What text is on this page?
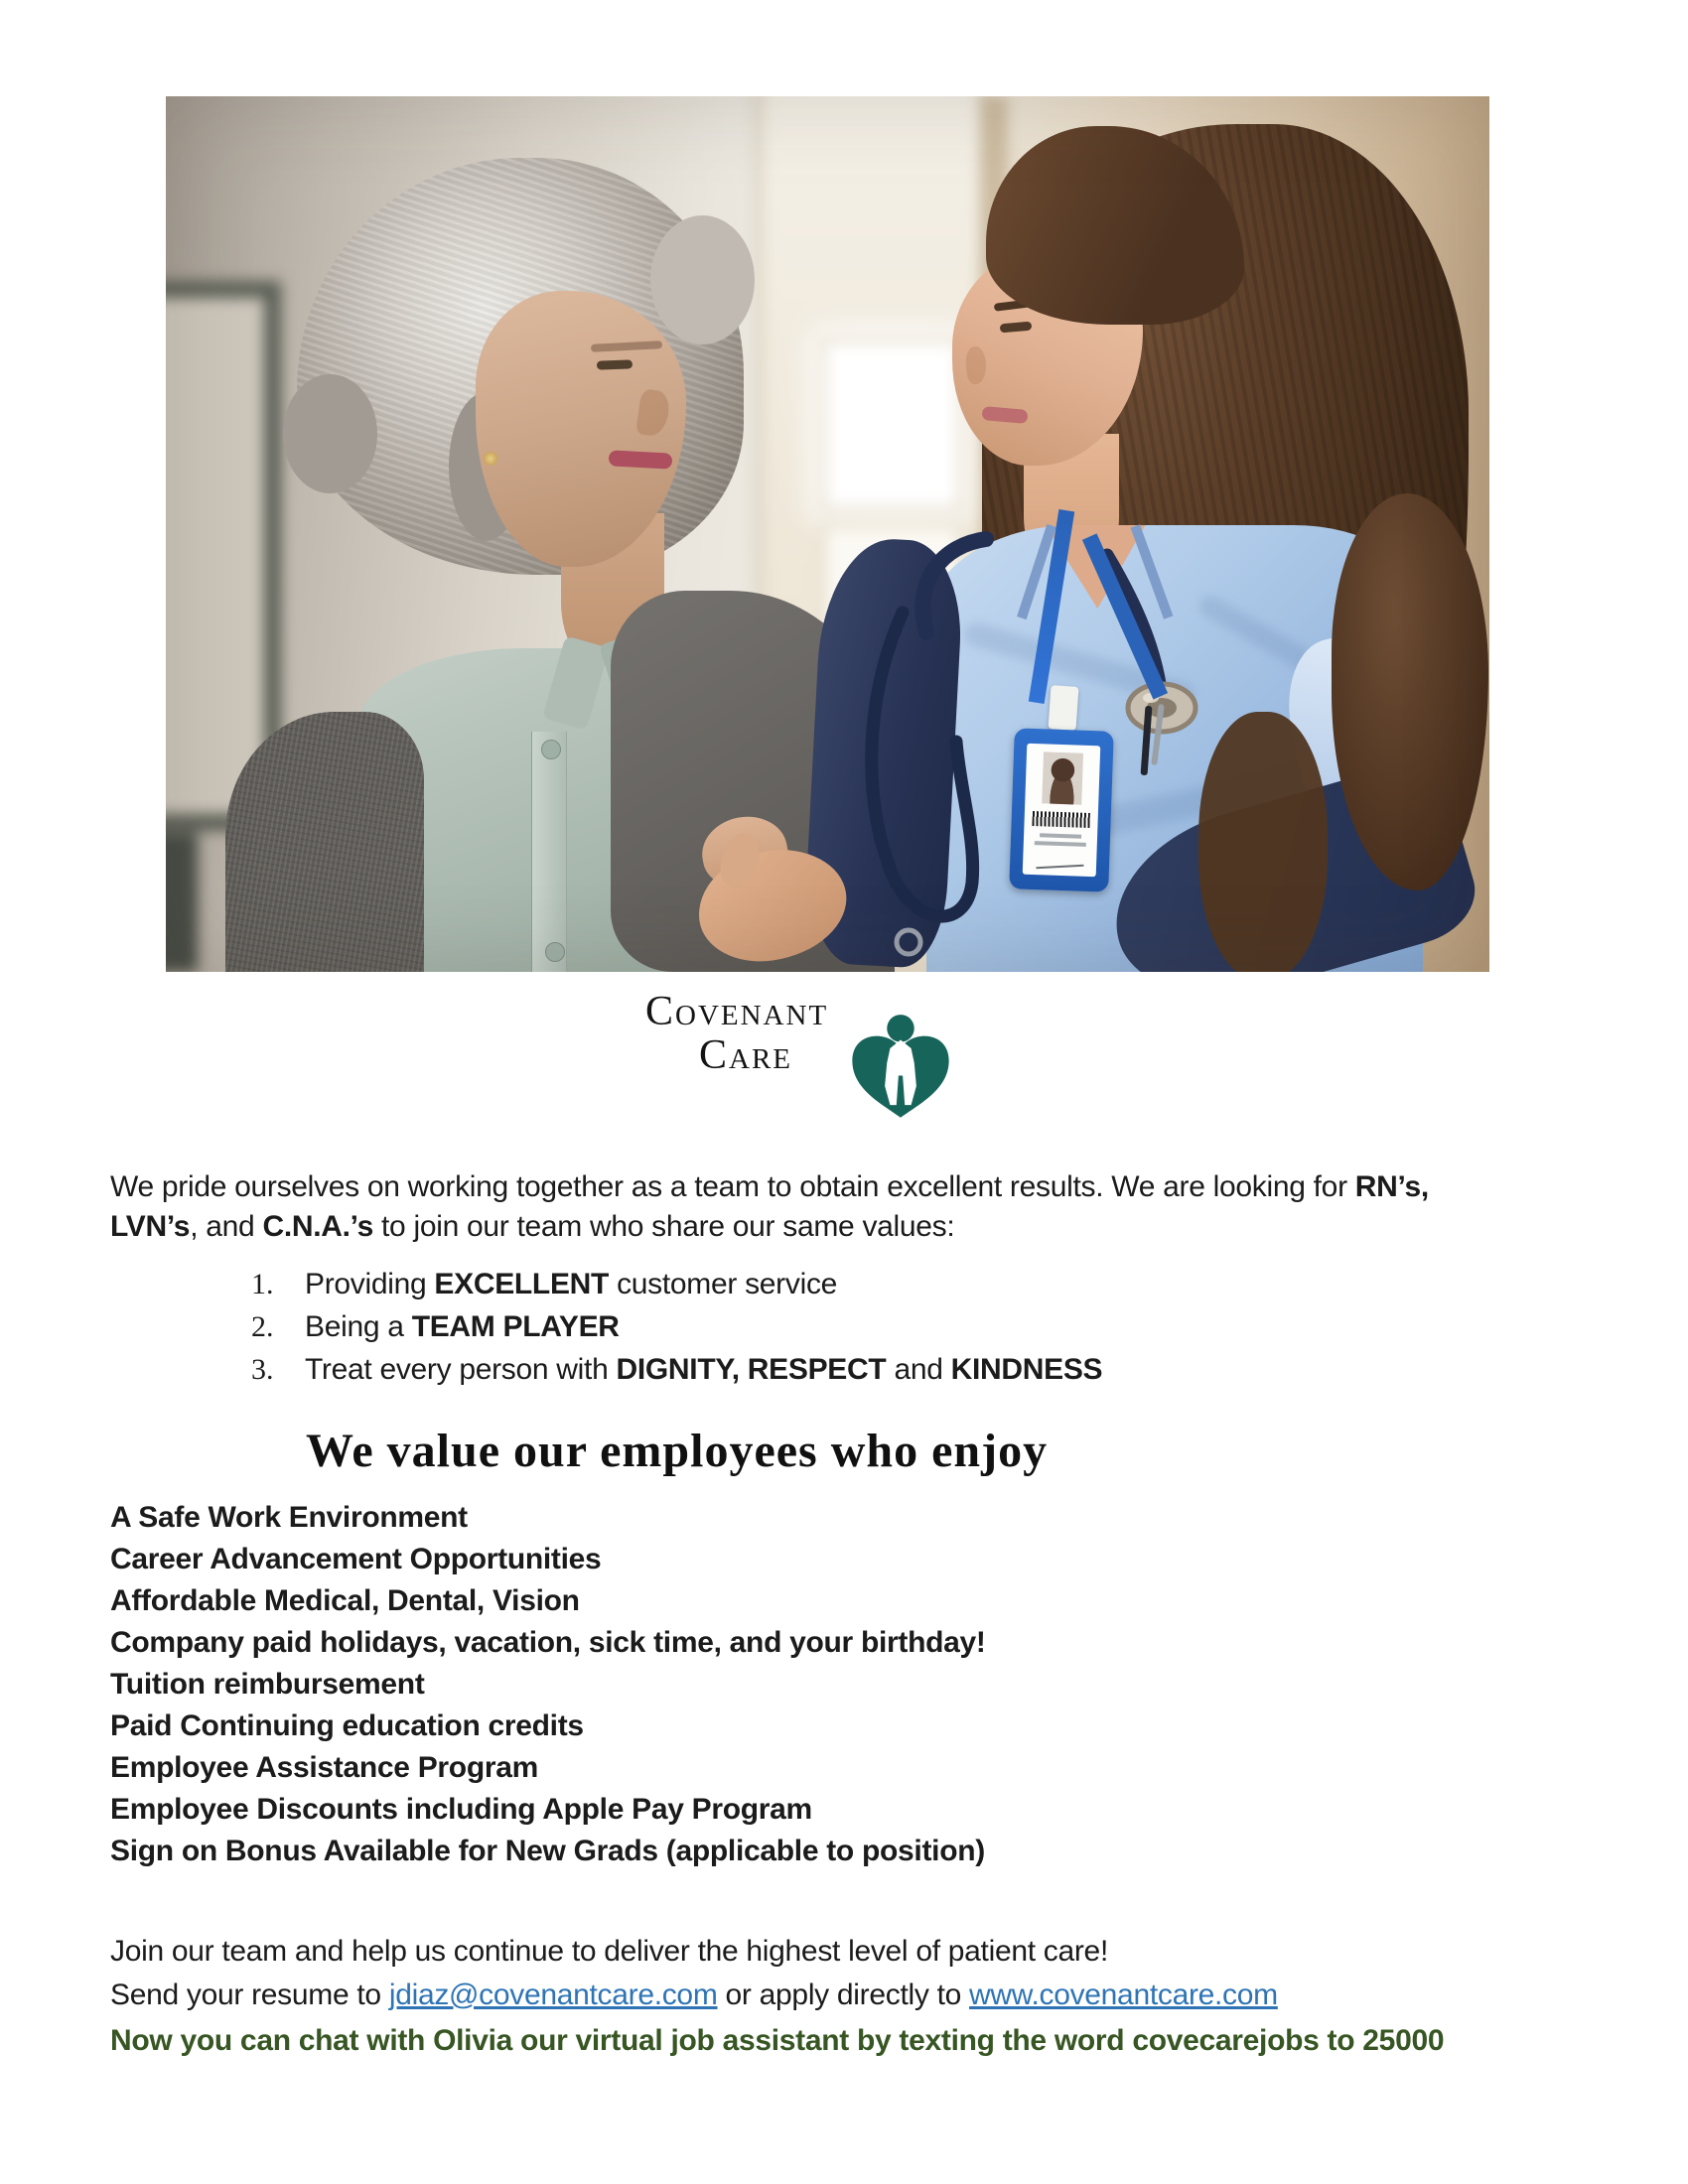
COVENANT
CARE
We pride ourselves on working together as a team to obtain excellent results. We are looking for RN’s,
LVN’s, and C.N.A.’s to join our team who share our same values:
1.	Providing EXCELLENT customer service
2.	Being a TEAM PLAYER
3.	Treat every person with DIGNITY, RESPECT and KINDNESS
We value our employees who enjoy
A Safe Work Environment
Career Advancement Opportunities
Affordable Medical, Dental, Vision
Company paid holidays, vacation, sick time, and your birthday!
Tuition reimbursement
Paid Continuing education credits
Employee Assistance Program
Employee Discounts including Apple Pay Program
Sign on Bonus Available for New Grads (applicable to position)
Join our team and help us continue to deliver the highest level of patient care!
Send your resume to jdiaz@covenantcare.com or apply directly to www.covenantcare.com
Now you can chat with Olivia our virtual job assistant by texting the word covecarejobs to 25000
